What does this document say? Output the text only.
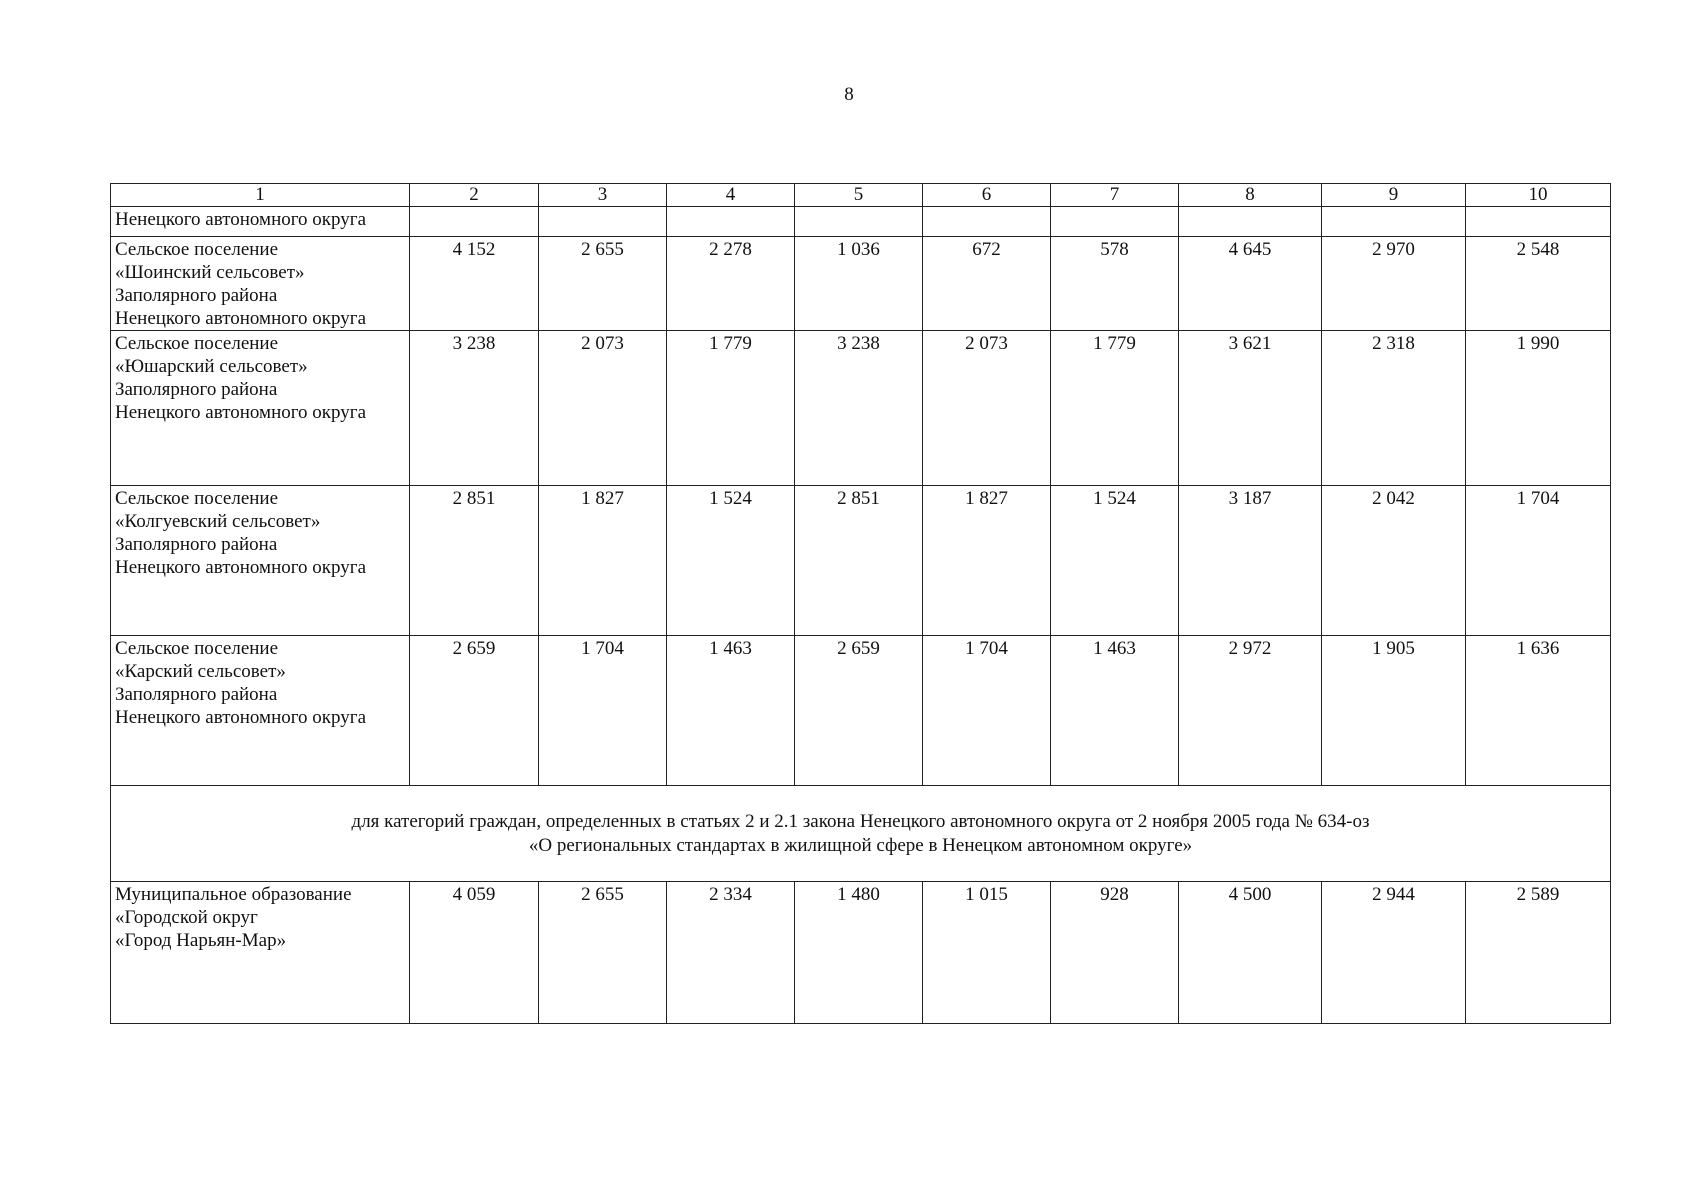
8
1	2	3	4	5	6	7	8	9	10
Ненецкого автономного округа									

Сельское поселение
«Шоинский сельсовет»
Заполярного района
Ненецкого автономного округа	4 152	2 655	2 278	1 036	672	578	4 645	2 970	2 548

Сельское поселение
«Юшарский сельсовет»
Заполярного района
Ненецкого автономного округа	3 238	2 073	1 779	3 238	2 073	1 779	3 621	2 318	1 990

Сельское поселение
«Колгуевский сельсовет»
Заполярного района
Ненецкого автономного округа	2 851	1 827	1 524	2 851	1 827	1 524	3 187	2 042	1 704

Сельское поселение
«Карский сельсовет»
Заполярного района
Ненецкого автономного округа	2 659	1 704	1 463	2 659	1 704	1 463	2 972	1 905	1 636

для категорий граждан, определенных в статьях 2 и 2.1 закона Ненецкого автономного округа от 2 ноября 2005 года № 634-оз
«О региональных стандартах в жилищной сфере в Ненецком автономном округе»									

Муниципальное образование
«Городской округ
«Город Нарьян-Мар»	4 059	2 655	2 334	1 480	1 015	928	4 500	2 944	2 589
